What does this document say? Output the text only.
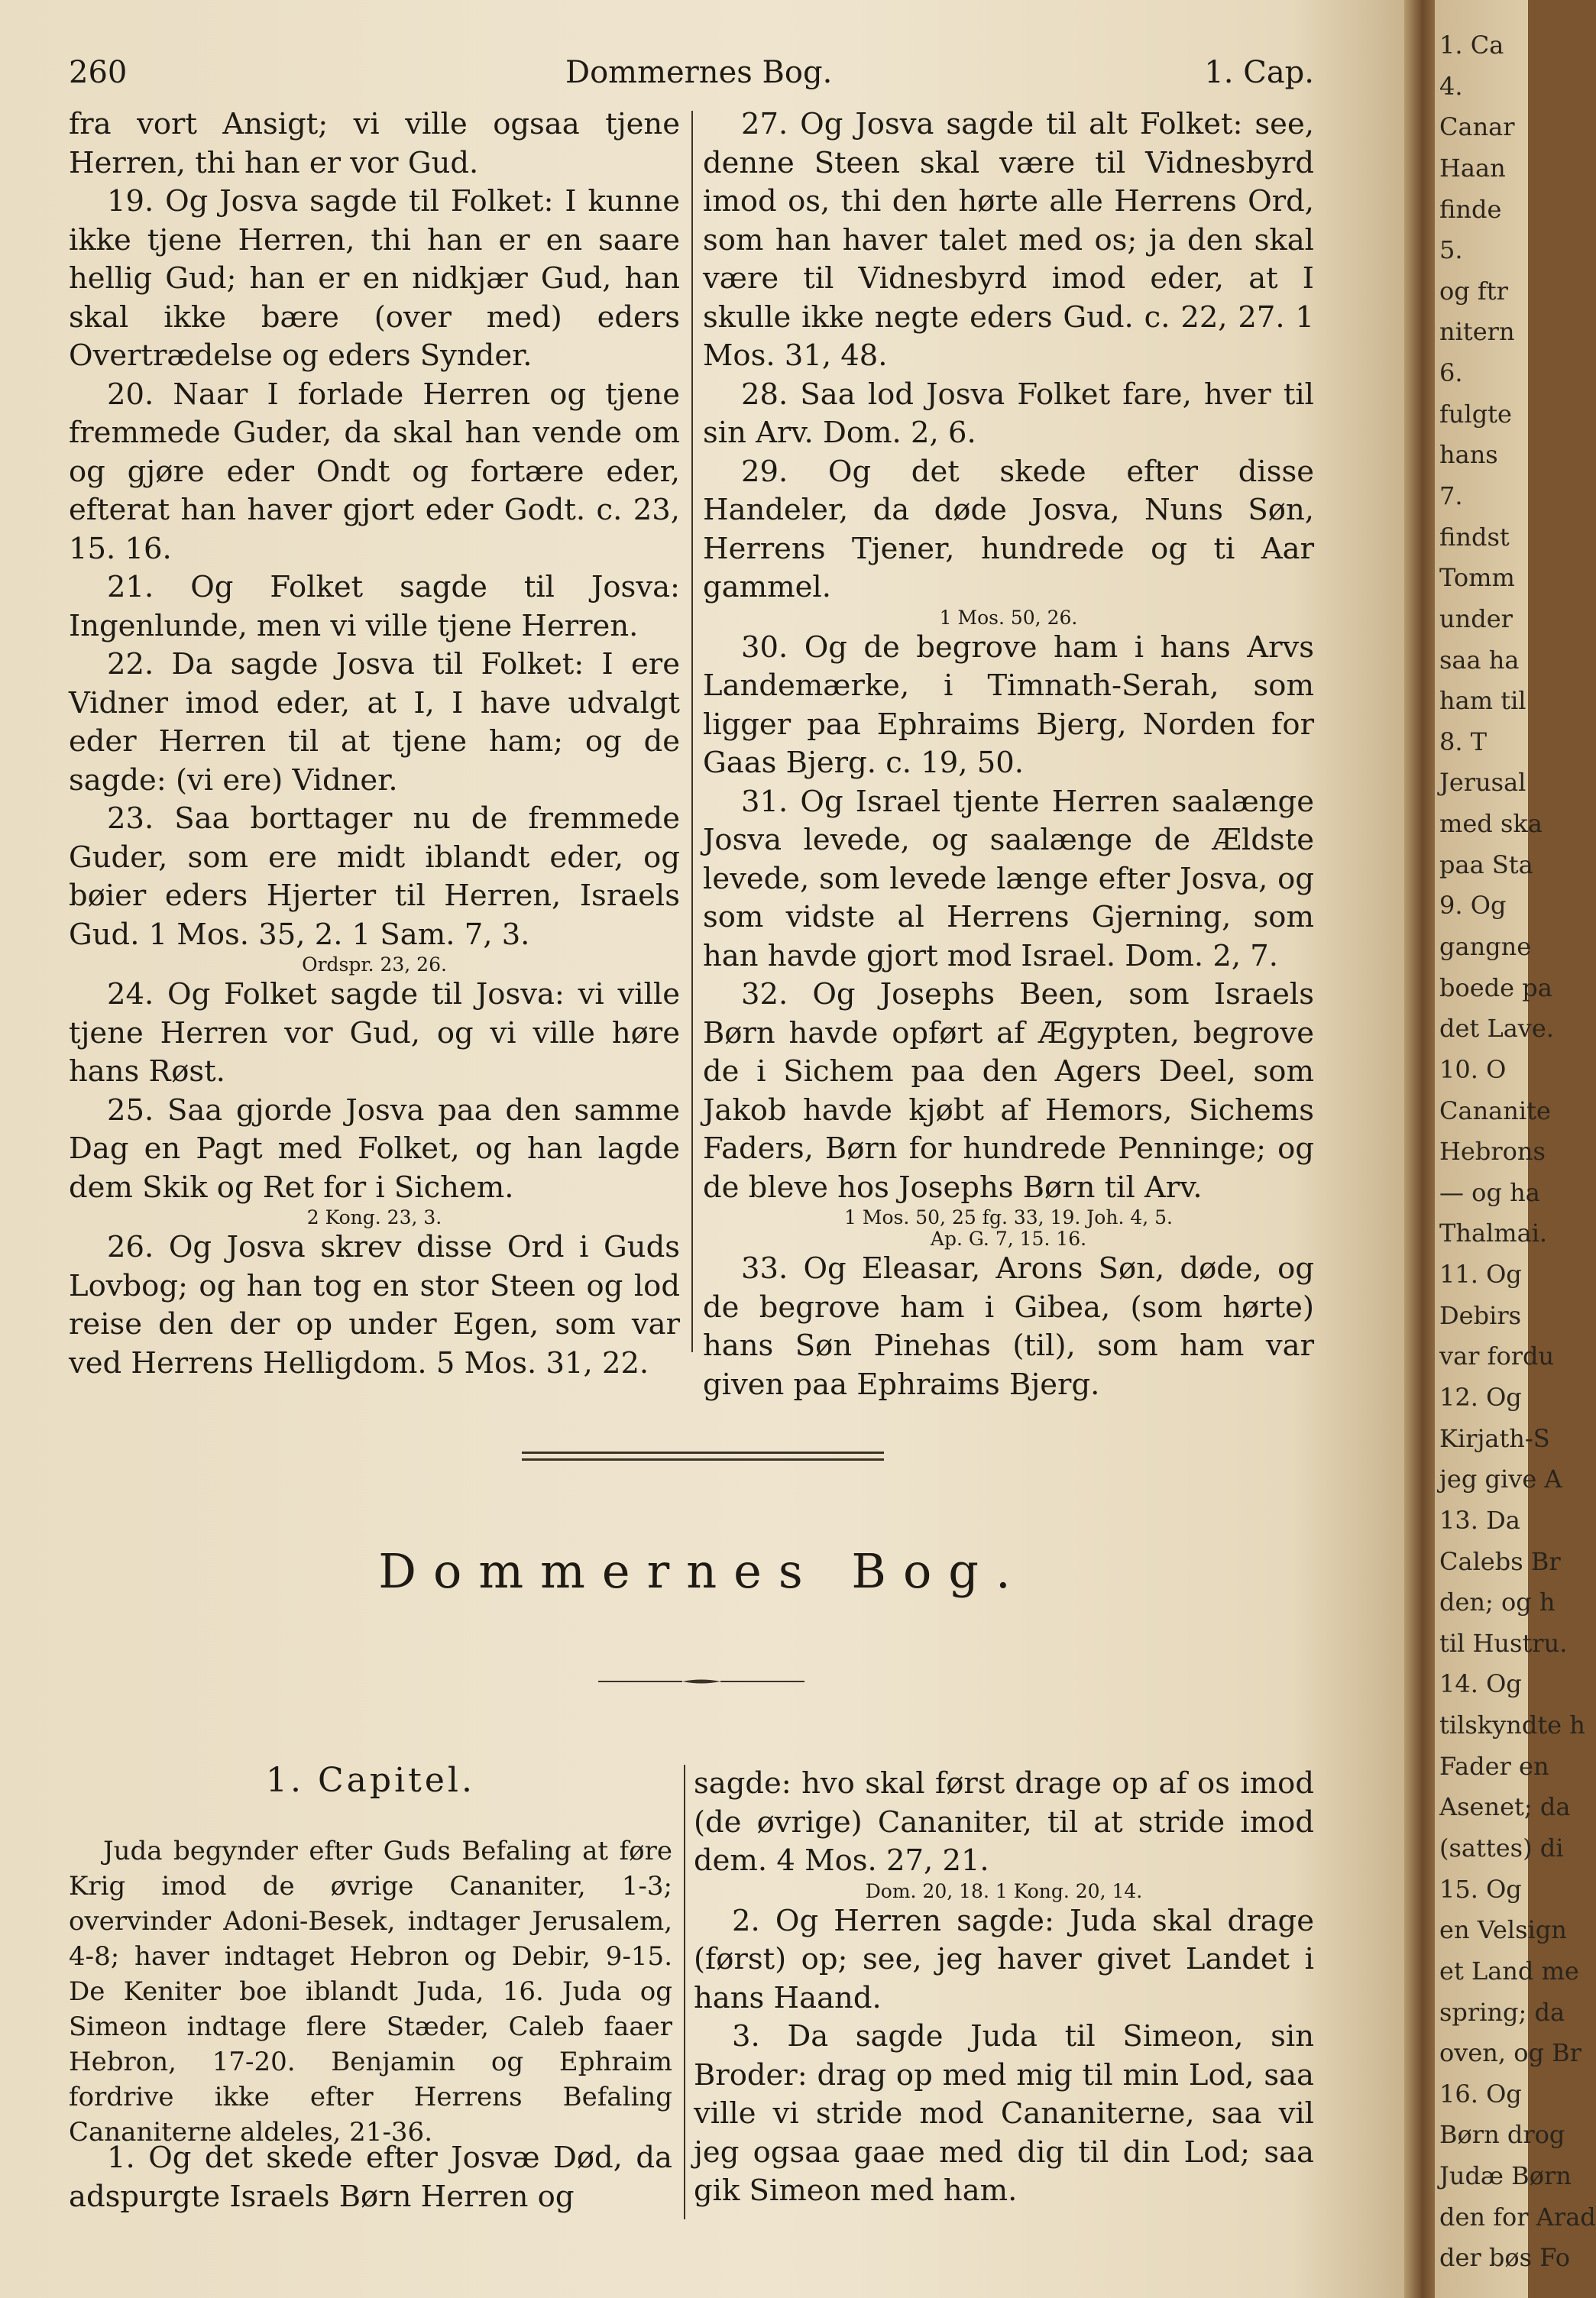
260	Dommernes Bog.	1. Cap.

fra vort Ansigt; vi ville ogsaa tjene Herren, thi han er vor Gud.

19. Og Josva sagde til Folket: I kunne ikke tjene Herren, thi han er en saare hellig Gud; han er en nidkjær Gud, han skal ikke bære (over med) eders Overtrædelse og eders Synder.

20. Naar I forlade Herren og tjene fremmede Guder, da skal han vende om og gjøre eder Ondt og fortære eder, efterat han haver gjort eder Godt. c. 23, 15. 16.

21. Og Folket sagde til Josva: Ingenlunde, men vi ville tjene Herren.

22. Da sagde Josva til Folket: I ere Vidner imod eder, at I, I have udvalgt eder Herren til at tjene ham; og de sagde: (vi ere) Vidner.

23. Saa borttager nu de fremmede Guder, som ere midt iblandt eder, og bøier eders Hjerter til Herren, Israels Gud. 1 Mos. 35, 2. 1 Sam. 7, 3.

Ordspr. 23, 26.

24. Og Folket sagde til Josva: vi ville tjene Herren vor Gud, og vi ville høre hans Røst.

25. Saa gjorde Josva paa den samme Dag en Pagt med Folket, og han lagde dem Skik og Ret for i Sichem.

2 Kong. 23, 3.

26. Og Josva skrev disse Ord i Guds Lovbog; og han tog en stor Steen og lod reise den der op under Egen, som var ved Herrens Helligdom. 5 Mos. 31, 22.

27. Og Josva sagde til alt Folket: see, denne Steen skal være til Vidnesbyrd imod os, thi den hørte alle Herrens Ord, som han haver talet med os; ja den skal være til Vidnesbyrd imod eder, at I skulle ikke negte eders Gud. c. 22, 27. 1 Mos. 31, 48.

28. Saa lod Josva Folket fare, hver til sin Arv. Dom. 2, 6.

29. Og det skede efter disse Handeler, da døde Josva, Nuns Søn, Herrens Tjener, hundrede og ti Aar gammel.

1 Mos. 50, 26.

30. Og de begrove ham i hans Arvs Landemærke, i Timnath-Serah, som ligger paa Ephraims Bjerg, Norden for Gaas Bjerg. c. 19, 50.

31. Og Israel tjente Herren saalænge Josva levede, og saalænge de Ældste levede, som levede længe efter Josva, og som vidste al Herrens Gjerning, som han havde gjort mod Israel. Dom. 2, 7.

32. Og Josephs Been, som Israels Børn havde opført af Ægypten, begrove de i Sichem paa den Agers Deel, som Jakob havde kjøbt af Hemors, Sichems Faders, Børn for hundrede Penninge; og de bleve hos Josephs Børn til Arv.

1 Mos. 50, 25 fg. 33, 19. Joh. 4, 5.

Ap. G. 7, 15. 16.

33. Og Eleasar, Arons Søn, døde, og de begrove ham i Gibea, (som hørte) hans Søn Pinehas (til), som ham var given paa Ephraims Bjerg.

Dommernes Bog.
1. Capitel.

Juda begynder efter Guds Befaling at føre Krig imod de øvrige Cananiter, 1-3; overvinder Adoni-Besek, indtager Jerusalem, 4-8; haver indtaget Hebron og Debir, 9-15. De Keniter boe iblandt Juda, 16. Juda og Simeon indtage flere Stæder, Caleb faaer Hebron, 17-20. Benjamin og Ephraim fordrive ikke efter Herrens Befaling Cananiterne aldeles, 21-36.

1. Og det skede efter Josvæ Død, da adspurgte Israels Børn Herren og

sagde: hvo skal først drage op af os imod (de øvrige) Cananiter, til at stride imod dem. 4 Mos. 27, 21.

Dom. 20, 18. 1 Kong. 20, 14.

2. Og Herren sagde: Juda skal drage (først) op; see, jeg haver givet Landet i hans Haand.

3. Da sagde Juda til Simeon, sin Broder: drag op med mig til min Lod, saa ville vi stride mod Cananiterne, saa vil jeg ogsaa gaae med dig til din Lod; saa gik Simeon med ham.

1. Ca
4.
Canar
Haan
finde
5.
og ftr
nitern
6.
fulgte
hans
7.
findst
Tomm
under
saa ha
ham til
8. T
Jerusal
med ska
paa Sta
9. Og
gangne
boede pa
det Lave.
10. O
Cananite
Hebrons
— og ha
Thalmai.
11. Og
Debirs
var fordu
12. Og
Kirjath-S
jeg give A
13. Da
Calebs Br
den; og h
til Hustru.
14. Og
tilskyndte h
Fader en
Asenet; da
(sattes) di
15. Og
en Velsign
et Land me
spring; da
oven, og Br
16. Og
Børn drog
Judæ Børn
den for Arad
der bøs Fo
